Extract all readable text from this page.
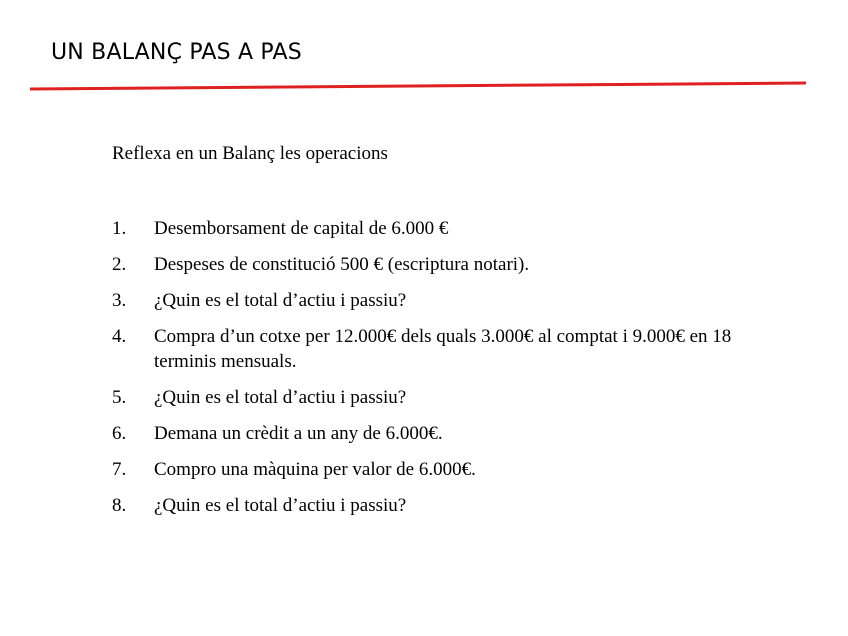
UN BALANÇ PAS A PAS
Reflexa en un Balanç les operacions
1.	Desemborsament de capital de 6.000 €
2.	Despeses de constitució 500 € (escriptura notari).
3.	¿Quin es el total d’actiu i passiu?
4.	Compra d’un cotxe per 12.000€ dels quals 3.000€ al comptat i 9.000€ en 18 terminis mensuals.
5.	¿Quin es el total d’actiu i passiu?
6.	Demana un crèdit a un any de 6.000€.
7.	Compro una màquina per valor de 6.000€.
8.	¿Quin es el total d’actiu i passiu?
